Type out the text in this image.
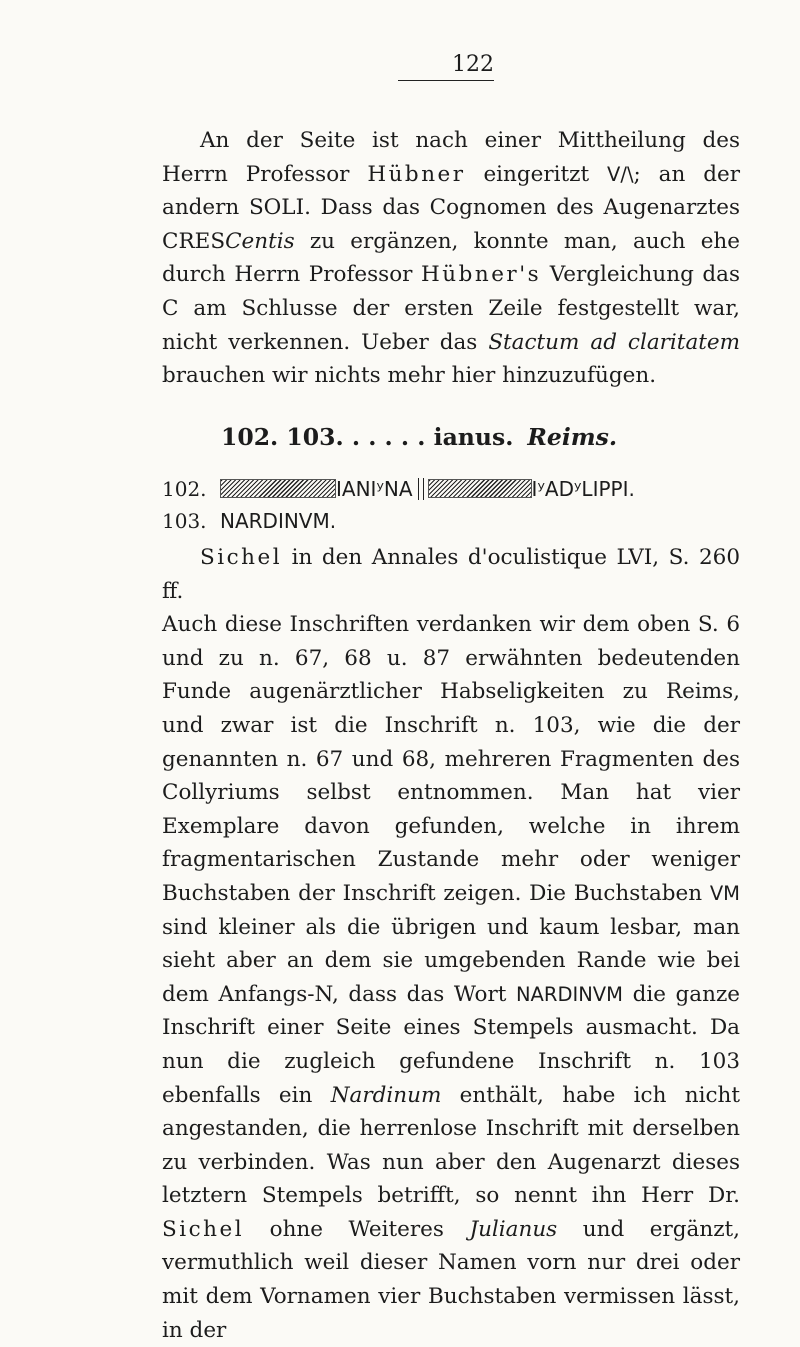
122

An der Seite ist nach einer Mittheilung des Herrn Professor Hübner eingeritzt V/\; an der andern SOLI. Dass das Cognomen des Augenarztes CRESCentis zu ergänzen, konnte man, auch ehe durch Herrn Professor Hübner's Vergleichung das C am Schlusse der ersten Zeile festgestellt war, nicht verkennen. Ueber das Stactum ad claritatem brauchen wir nichts mehr hier hinzuzufügen.

102. 103. . . . . . ianus. Reims.
102.	IANIʸNA	IʸADʸLIPPI.
103. NARDINVM.

Sichel in den Annales d'oculistique LVI, S. 260 ff.
Auch diese Inschriften verdanken wir dem oben S. 6 und zu n. 67, 68 u. 87 erwähnten bedeutenden Funde augenärztlicher Habseligkeiten zu Reims, und zwar ist die Inschrift n. 103, wie die der genannten n. 67 und 68, mehreren Fragmenten des Collyriums selbst entnommen. Man hat vier Exemplare davon gefunden, welche in ihrem fragmentarischen Zustande mehr oder weniger Buchstaben der Inschrift zeigen. Die Buchstaben VM sind kleiner als die übrigen und kaum lesbar, man sieht aber an dem sie umgebenden Rande wie bei dem Anfangs-N, dass das Wort NARDINVM die ganze Inschrift einer Seite eines Stempels ausmacht. Da nun die zugleich gefundene Inschrift n. 103 ebenfalls ein Nardinum enthält, habe ich nicht angestanden, die herrenlose Inschrift mit derselben zu verbinden. Was nun aber den Augenarzt dieses letztern Stempels betrifft, so nennt ihn Herr Dr. Sichel ohne Weiteres Julianus und ergänzt, vermuthlich weil dieser Namen vorn nur drei oder mit dem Vornamen vier Buchstaben vermissen lässt, in der
